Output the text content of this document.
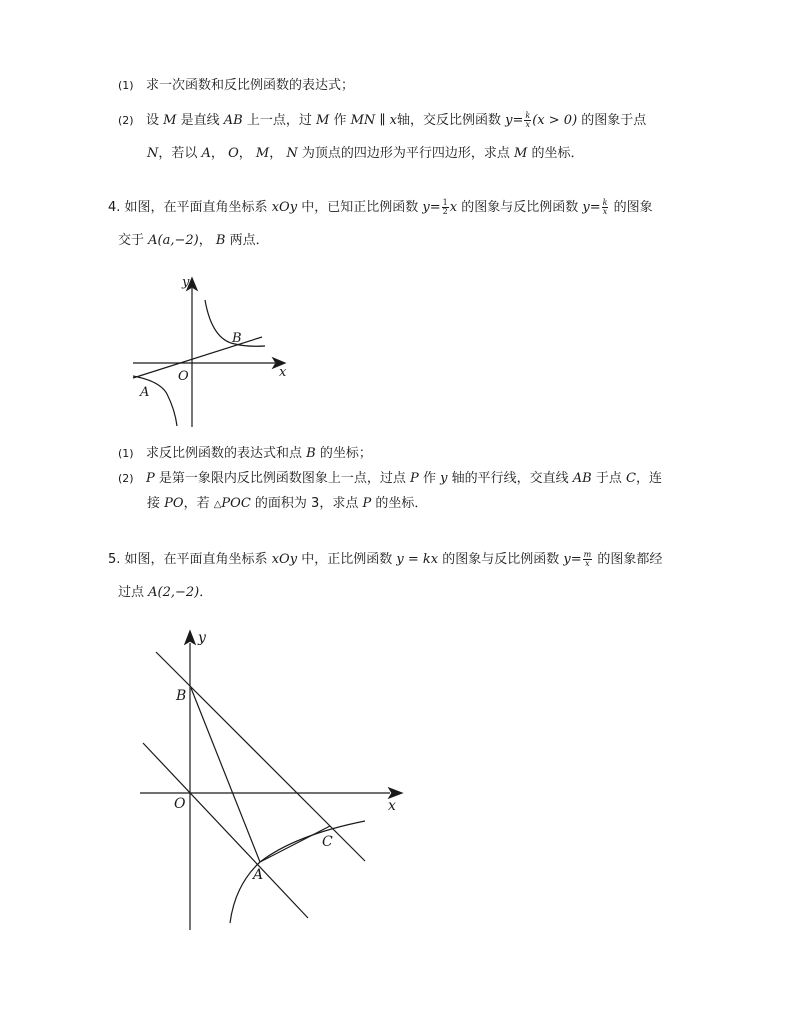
(1) 求一次函数和反比例函数的表达式；
(2) 设 M 是直线 AB 上一点，过 M 作 MN ∥ x轴，交反比例函数 $y= \frac{k}{x} (x > 0)$ 的图象于点
N，若以 A， O， M， N 为顶点的四边形为平行四边形，求点 M 的坐标．
4. 如图，在平面直角坐标系 xOy 中，已知正比例函数 $y= \frac{1}{2}$ x 的图象与反比例函数 $y= \frac{k}{x}$ 的图象
交于 A(a,−2)， B 两点．
y
x
O
A
B
(1) 求反比例函数的表达式和点 B 的坐标；
(2) P 是第一象限内反比例函数图象上一点，过点 P 作 y 轴的平行线，交直线 AB 于点 C，连
接 PO，若 △POC 的面积为 3，求点 P 的坐标．
5. 如图，在平面直角坐标系 xOy 中，正比例函数 y = kx 的图象与反比例函数 $y= \frac{m}{x}$ 的图象都经
过点 A(2,−2)．
y
x
O
B
A
C
